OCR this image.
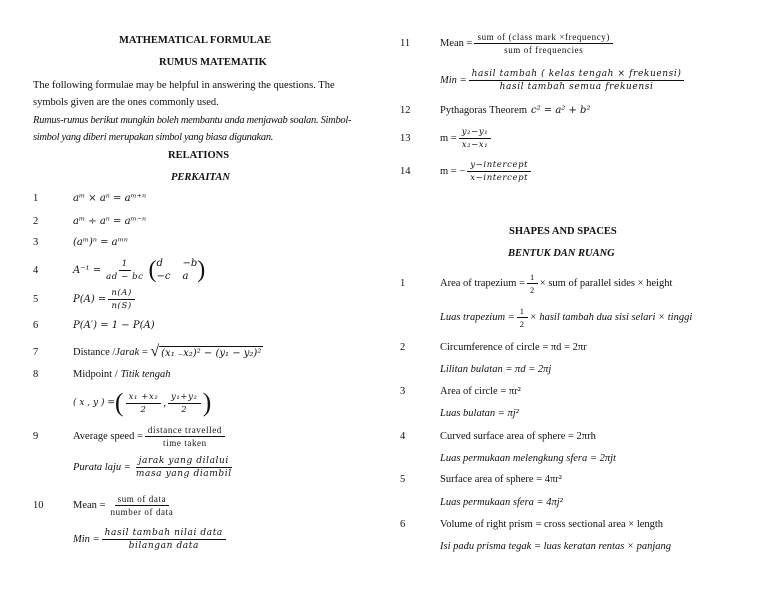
MATHEMATICAL FORMULAE
RUMUS MATEMATIK
The following formulae may be helpful in answering the questions. The symbols given are the ones commonly used.
Rumus-rumus berikut mungkin boleh membantu anda menjawab soalan. Simbol-simbol yang diberi merupakan simbol yang biasa digunakan.
RELATIONS
PERKAITAN
1	aᵐ × aⁿ = aᵐ⁺ⁿ
2	aᵐ ÷ aⁿ = aᵐ⁻ⁿ
3	(aᵐ)ⁿ = aᵐⁿ
4	$A^{-1} = \frac{1}{ad - bc}$ ( d	−b
−c a )
5	$P(A) = \frac{n(A)}{n(S)}$
6	P(A′) = 1 − P(A)
7	Distance / Jarak = √ (x₁ ₋x₂)² − (y₁ − y₂)²
8	Midpoint / Titik tengah
( x , y ) = ( $\frac{\text{x₁ +x₂}}{2}$ , $\frac{\text{y₁+y₂}}{2}$ )
9	Average speed = $\frac{\text{distance travelled}}{\text{time taken}}$
Purata laju = $\frac{\text{jarak yang dilalui}}{\text{masa yang diambil}}$
10	Mean = $\frac{\text{sum of data}}{\text{number of data}}$
Min = $\frac{\text{hasil tambah nilai data}}{\text{bilangan data}}$
11	Mean = $\frac{\text{sum of (class mark ×frequency)}}{\text{sum of frequencies}}$
Min = $\frac{\text{hasil tambah ( kelas tengah × frekuensi)}}{\text{hasil tambah semua frekuensi}}$
12	Pythagoras Theorem c² = a² + b²
13	$m = \frac{\text{y₂−y₁}}{\text{x₂−x₁}}$
14	m = − $\frac{\text{y−intercept}}{\text{x−intercept}}$
SHAPES AND SPACES
BENTUK DAN RUANG
1	Area of trapezium = $\frac{1}{2}$ × sum of parallel sides × height
Luas trapezium = $\frac{1}{2}$ × hasil tambah dua sisi selari × tinggi
2	Circumference of circle = πd = 2πr
Lilitan bulatan = πd = 2πj
3	Area of circle = πr²
Luas bulatan = πj²
4	Curved surface area of sphere = 2πrh
Luas permukaan melengkung sfera = 2πjt
5	Surface area of sphere = 4πr²
Luas permukaan sfera = 4πj²
6	Volume of right prism = cross sectional area × length
Isi padu prisma tegak = luas keratan rentas × panjang
